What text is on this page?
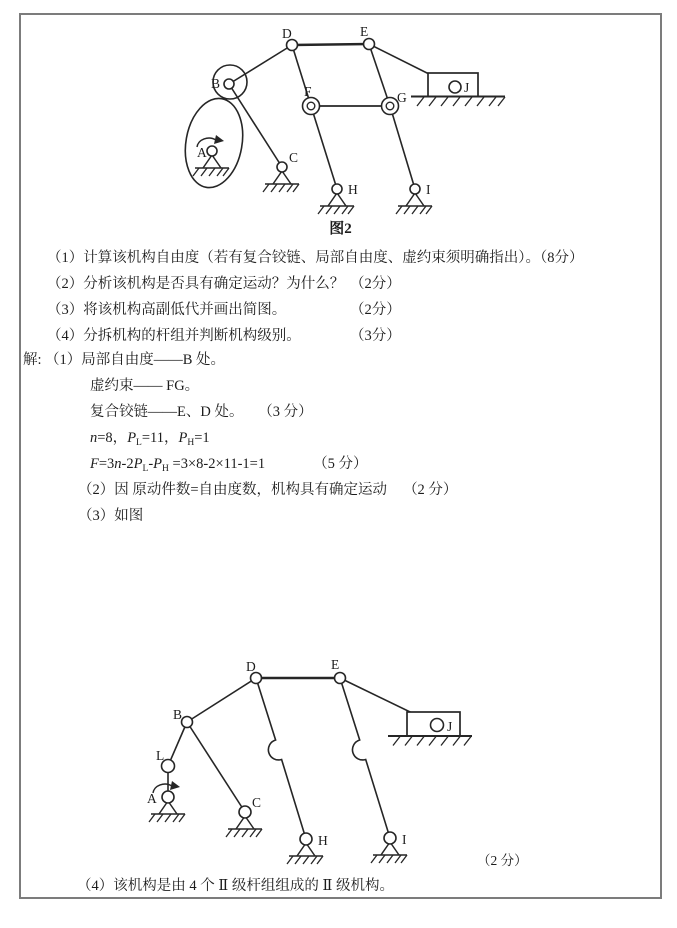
D	E
B
F	G
A	C
H	I
J
图2
（1）计算该机构自由度（若有复合铰链、局部自由度、虚约束须明确指出）。（8分）
（2）分析该机构是否具有确定运动？为什么？ （2分）
（3）将该机构高副低代并画出简图。	（2分）
（4）分拆机构的杆组并判断机构级别。	（3分）
解: （1）局部自由度——B 处。
虚约束—— FG。
复合铰链——E、D 处。 （3 分）
n=8，$P_L=11$，$P_H=1$
$F=3n-2P_L-P_H =3\times 8-2\times 11-1=1$	（5 分）
（2）因 原动件数=自由度数，机构具有确定运动 （2 分）
（3）如图
D	E
B
L
A	C
H	I
J
（2 分）
（4）该机构是由 4 个 Ⅱ 级杆组组成的 Ⅱ 级机构。
